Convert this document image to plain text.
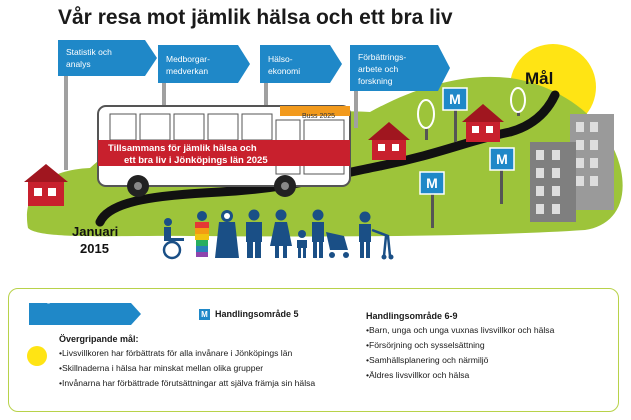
Vår resa mot jämlik hälsa och ett bra liv
Statistik och
analys	Medborgar-
medverkan
Hälso-
ekonomi
Förbättrings-
arbete och
forskning
Buss 2025
Tillsammans för jämlik hälsa och
ett bra liv i Jönköpings län 2025
M
M
M
Mål
Januari
2015
Handlingsområde 1-4
M Handlingsområde 5
Övergripande mål:
•Livsvillkoren har förbättrats för alla invånare i Jönköpings län
•Skillnaderna i hälsa har minskat mellan olika grupper
•Invånarna har förbättrade förutsättningar att själva främja sin hälsa
Handlingsområde 6-9
•Barn, unga och unga vuxnas livsvillkor och hälsa
•Försörjning och sysselsättning
•Samhällsplanering och närmiljö
•Äldres livsvillkor och hälsa
